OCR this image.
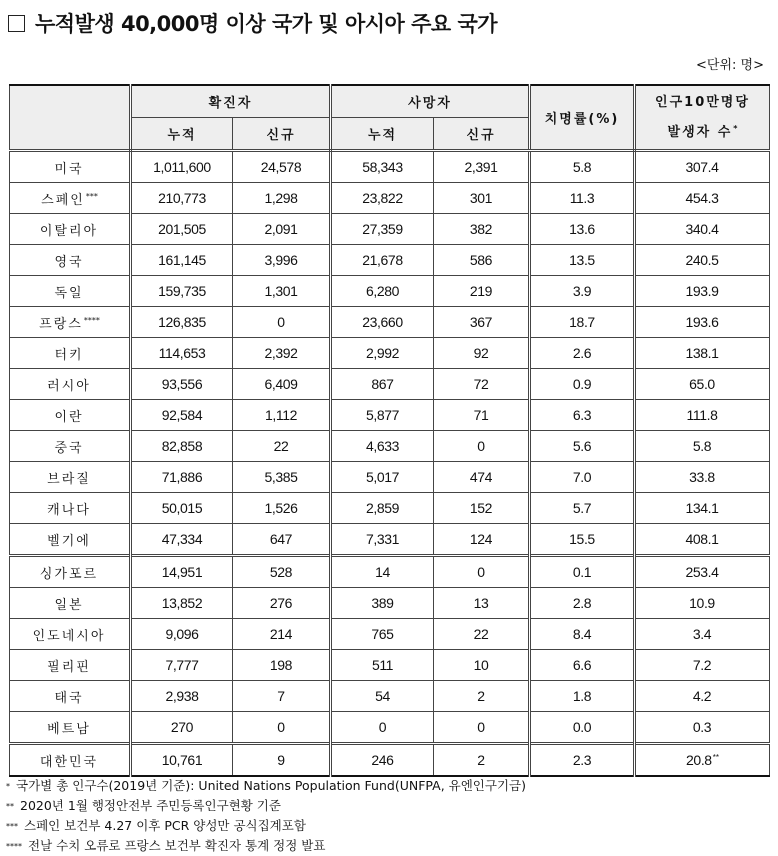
누적발생 40,000명 이상 국가 및 아시아 주요 국가
<단위: 명>
	확진자		사망자		치명률(%)	인구10만명당
발생자 수*

	누적	신규	누적	신규		
미국	1,011,600	24,578	58,343	2,391	5.8	307.4
스페인***	210,773	1,298	23,822	301	11.3	454.3
이탈리아	201,505	2,091	27,359	382	13.6	340.4
영국	161,145	3,996	21,678	586	13.5	240.5
독일	159,735	1,301	6,280	219	3.9	193.9
프랑스****	126,835	0	23,660	367	18.7	193.6
터키	114,653	2,392	2,992	92	2.6	138.1
러시아	93,556	6,409	867	72	0.9	65.0
이란	92,584	1,112	5,877	71	6.3	111.8
중국	82,858	22	4,633	0	5.6	5.8
브라질	71,886	5,385	5,017	474	7.0	33.8
캐나다	50,015	1,526	2,859	152	5.7	134.1
벨기에	47,334	647	7,331	124	15.5	408.1
싱가포르	14,951	528	14	0	0.1	253.4
일본	13,852	276	389	13	2.8	10.9
인도네시아	9,096	214	765	22	8.4	3.4
필리핀	7,777	198	511	10	6.6	7.2
태국	2,938	7	54	2	1.8	4.2
베트남	270	0	0	0	0.0	0.3
대한민국	10,761	9	246	2	2.3	20.8**
* 국가별 총 인구수(2019년 기준): United Nations Population Fund(UNFPA, 유엔인구기금)
** 2020년 1월 행정안전부 주민등록인구현황 기준
*** 스페인 보건부 4.27 이후 PCR 양성만 공식집계포함
**** 전날 수치 오류로 프랑스 보건부 확진자 통계 정정 발표
